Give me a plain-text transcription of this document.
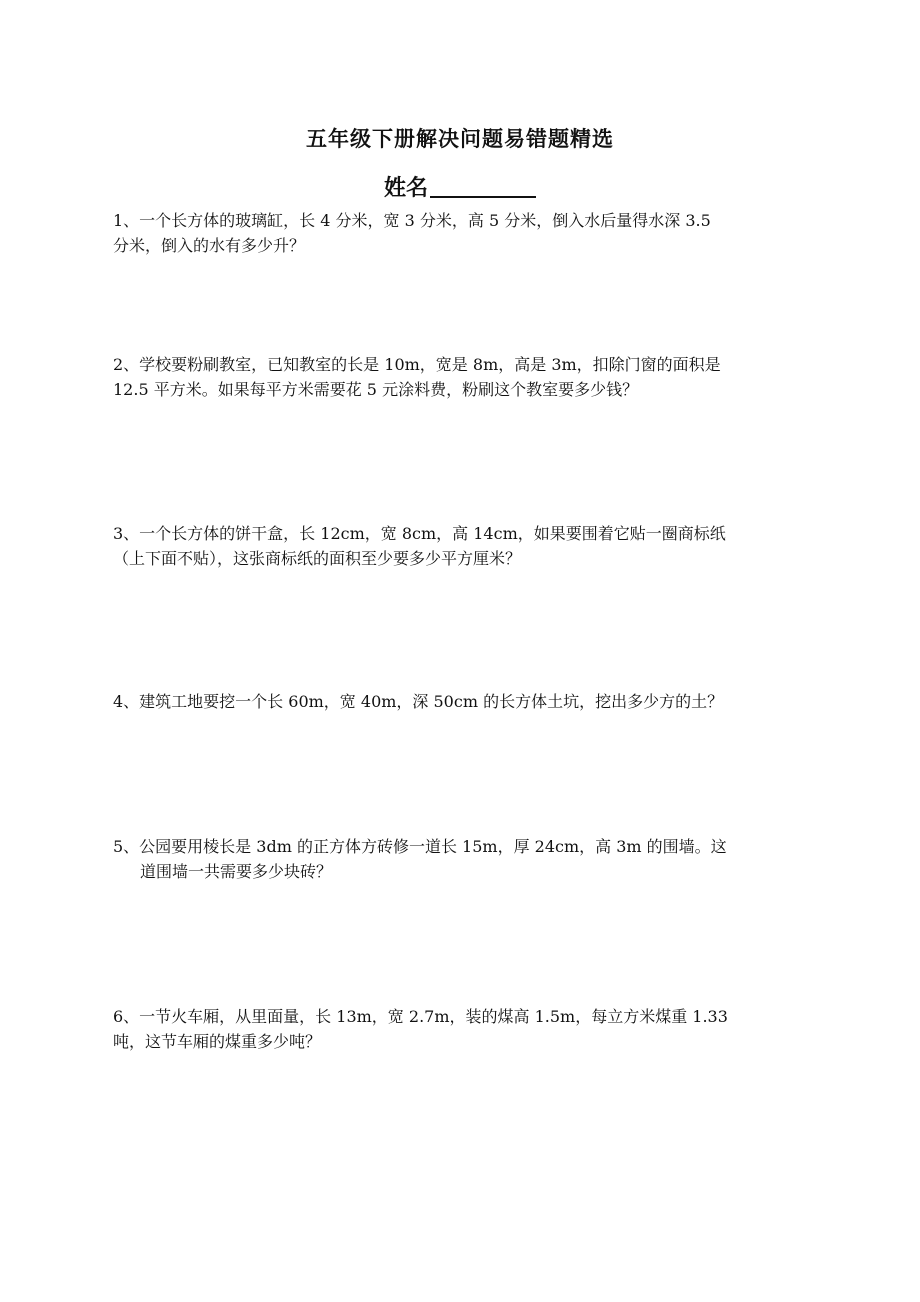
五年级下册解决问题易错题精选
姓名

1、一个长方体的玻璃缸，长 4 分米，宽 3 分米，高 5 分米，倒入水后量得水深 3.5

分米，倒入的水有多少升？

2、学校要粉刷教室，已知教室的长是 10m，宽是 8m，高是 3m，扣除门窗的面积是

12.5 平方米。如果每平方米需要花 5 元涂料费，粉刷这个教室要多少钱？

3、一个长方体的饼干盒，长 12cm，宽 8cm，高 14cm，如果要围着它贴一圈商标纸

（上下面不贴），这张商标纸的面积至少要多少平方厘米？

4、建筑工地要挖一个长 60m，宽 40m，深 50cm 的长方体土坑，挖出多少方的土？

5、公园要用棱长是 3dm 的正方体方砖修一道长 15m，厚 24cm，高 3m 的围墙。这

道围墙一共需要多少块砖？

6、一节火车厢，从里面量，长 13m，宽 2.7m，装的煤高 1.5m，每立方米煤重 1.33

吨，这节车厢的煤重多少吨？
